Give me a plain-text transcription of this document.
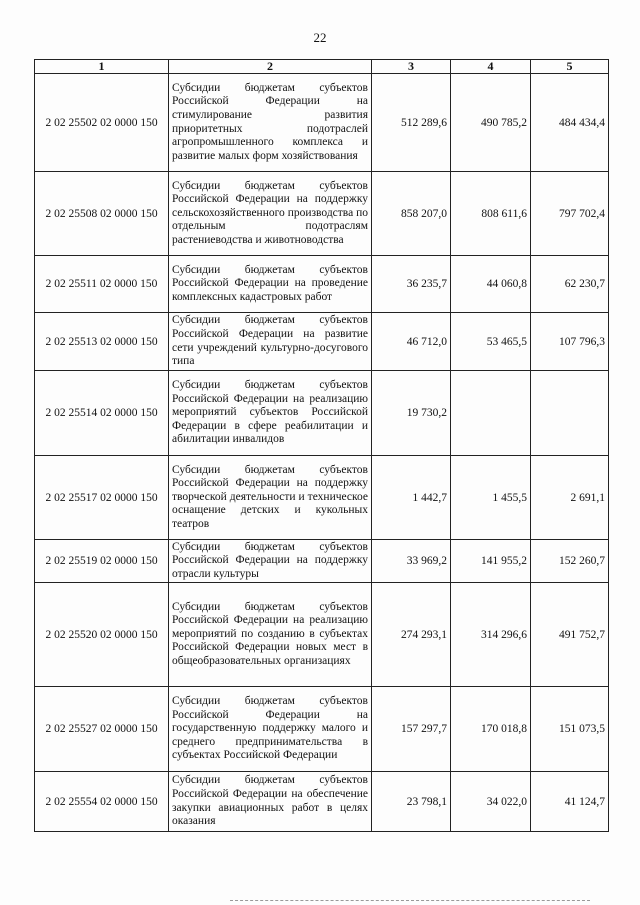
22
1	2	3	4	5
2 02 25502 02 0000 150	Субсидии бюджетам субъектов Российской Федерации на стимулирование развития приоритетных подотраслей агропромышленного комплекса и развитие малых форм хозяйствования	512 289,6	490 785,2	484 434,4
2 02 25508 02 0000 150	Субсидии бюджетам субъектов Российской Федерации на поддержку сельскохозяйственного производства по отдельным подотраслям растениеводства и животноводства	858 207,0	808 611,6	797 702,4
2 02 25511 02 0000 150	Субсидии бюджетам субъектов Российской Федерации на проведение комплексных кадастровых работ	36 235,7	44 060,8	62 230,7
2 02 25513 02 0000 150	Субсидии бюджетам субъектов Российской Федерации на развитие сети учреждений культурно-досугового типа	46 712,0	53 465,5	107 796,3
2 02 25514 02 0000 150	Субсидии бюджетам субъектов Российской Федерации на реализацию мероприятий субъектов Российской Федерации в сфере реабилитации и абилитации инвалидов	19 730,2		
2 02 25517 02 0000 150	Субсидии бюджетам субъектов Российской Федерации на поддержку творческой деятельности и техническое оснащение детских и кукольных театров	1 442,7	1 455,5	2 691,1
2 02 25519 02 0000 150	Субсидии бюджетам субъектов Российской Федерации на поддержку отрасли культуры	33 969,2	141 955,2	152 260,7
2 02 25520 02 0000 150	Субсидии бюджетам субъектов Российской Федерации на реализацию мероприятий по созданию в субъектах Российской Федерации новых мест в общеобразовательных организациях	274 293,1	314 296,6	491 752,7
2 02 25527 02 0000 150	Субсидии бюджетам субъектов Российской Федерации на государственную поддержку малого и среднего предпринимательства в субъектах Российской Федерации	157 297,7	170 018,8	151 073,5
2 02 25554 02 0000 150	Субсидии бюджетам субъектов Российской Федерации на обеспечение закупки авиационных работ в целях оказания	23 798,1	34 022,0	41 124,7
